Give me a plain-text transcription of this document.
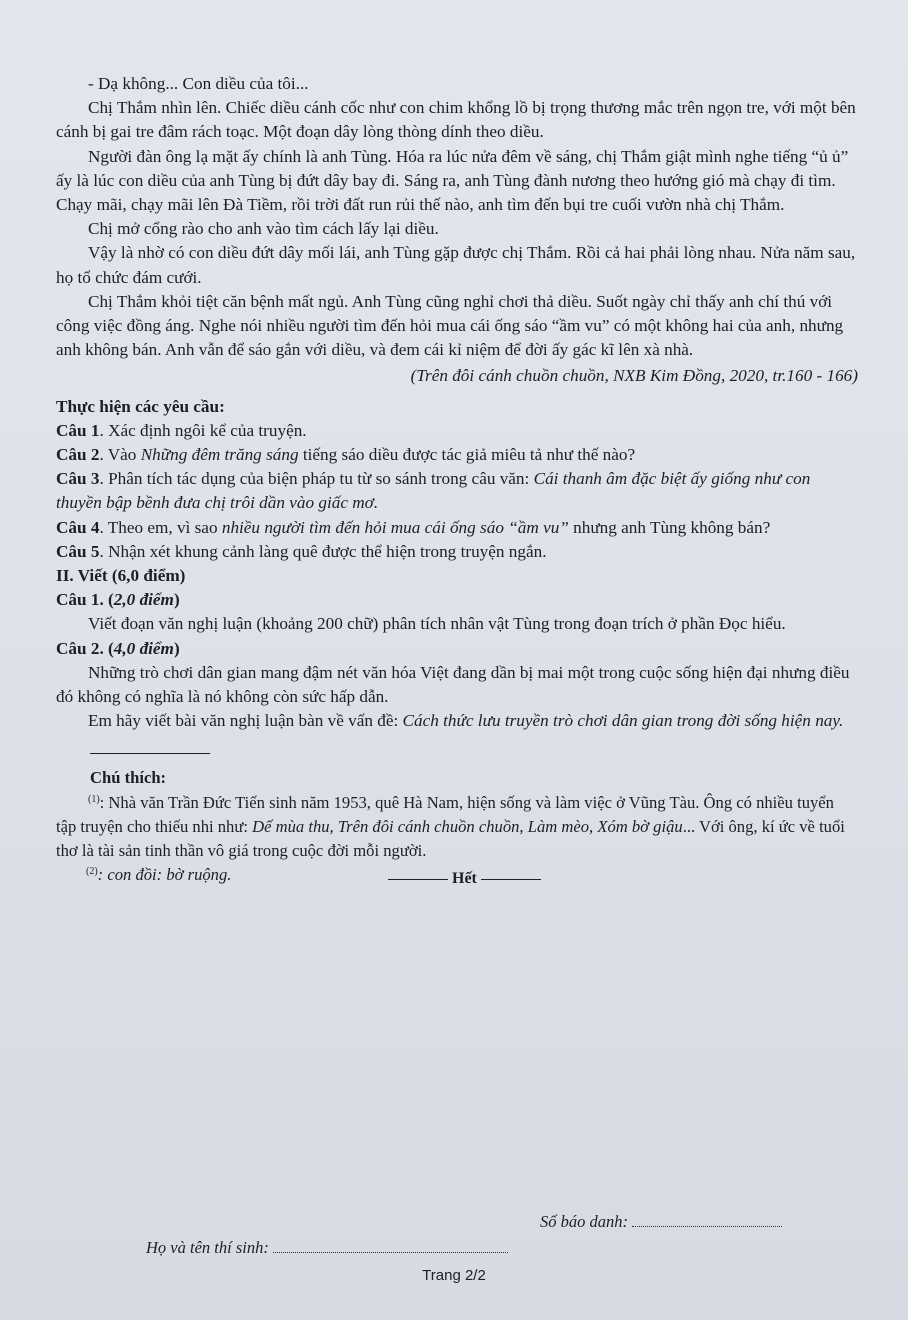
- Dạ không... Con diều của tôi...

Chị Thắm nhìn lên. Chiếc diều cánh cốc như con chim khổng lồ bị trọng thương mắc trên ngọn tre, với một bên cánh bị gai tre đâm rách toạc. Một đoạn dây lòng thòng dính theo diều.

Người đàn ông lạ mặt ấy chính là anh Tùng. Hóa ra lúc nửa đêm về sáng, chị Thắm giật mình nghe tiếng “ủ ủ” ấy là lúc con diều của anh Tùng bị đứt dây bay đi. Sáng ra, anh Tùng đành nương theo hướng gió mà chạy đi tìm. Chạy mãi, chạy mãi lên Đà Tiềm, rồi trời đất run rủi thế nào, anh tìm đến bụi tre cuối vườn nhà chị Thắm.

Chị mở cổng rào cho anh vào tìm cách lấy lại diều.

Vậy là nhờ có con diều đứt dây mối lái, anh Tùng gặp được chị Thắm. Rồi cả hai phải lòng nhau. Nửa năm sau, họ tổ chức đám cưới.

Chị Thắm khỏi tiệt căn bệnh mất ngủ. Anh Tùng cũng nghỉ chơi thả diều. Suốt ngày chỉ thấy anh chí thú với công việc đồng áng. Nghe nói nhiều người tìm đến hỏi mua cái ống sáo “ầm vu” có một không hai của anh, nhưng anh không bán. Anh vẫn để sáo gắn với diều, và đem cái kỉ niệm để đời ấy gác kĩ lên xà nhà.

(Trên đôi cánh chuồn chuồn, NXB Kim Đồng, 2020, tr.160 - 166)

Thực hiện các yêu cầu:

Câu 1. Xác định ngôi kể của truyện.

Câu 2. Vào Những đêm trăng sáng tiếng sáo diều được tác giả miêu tả như thế nào?

Câu 3. Phân tích tác dụng của biện pháp tu từ so sánh trong câu văn: Cái thanh âm đặc biệt ấy giống như con thuyền bập bềnh đưa chị trôi dần vào giấc mơ.

Câu 4. Theo em, vì sao nhiều người tìm đến hỏi mua cái ống sáo “ầm vu” nhưng anh Tùng không bán?

Câu 5. Nhận xét khung cảnh làng quê được thể hiện trong truyện ngắn.

II. Viết (6,0 điểm)

Câu 1. (2,0 điểm)

Viết đoạn văn nghị luận (khoảng 200 chữ) phân tích nhân vật Tùng trong đoạn trích ở phần Đọc hiểu.

Câu 2. (4,0 điểm)

Những trò chơi dân gian mang đậm nét văn hóa Việt đang dần bị mai một trong cuộc sống hiện đại nhưng điều đó không có nghĩa là nó không còn sức hấp dẫn.

Em hãy viết bài văn nghị luận bàn về vấn đề: Cách thức lưu truyền trò chơi dân gian trong đời sống hiện nay.

Chú thích:

$^{(1)}$: Nhà văn Trần Đức Tiến sinh năm 1953, quê Hà Nam, hiện sống và làm việc ở Vũng Tàu. Ông có nhiều tuyển tập truyện cho thiếu nhi như: Dế mùa thu, Trên đôi cánh chuồn chuồn, Làm mèo, Xóm bờ giậu... Với ông, kí ức về tuổi thơ là tài sản tinh thần vô giá trong cuộc đời mỗi người.

$^{(2)}$: con đồi: bờ ruộng.	Hết
Số báo danh:
Họ và tên thí sinh:
Trang 2/2
